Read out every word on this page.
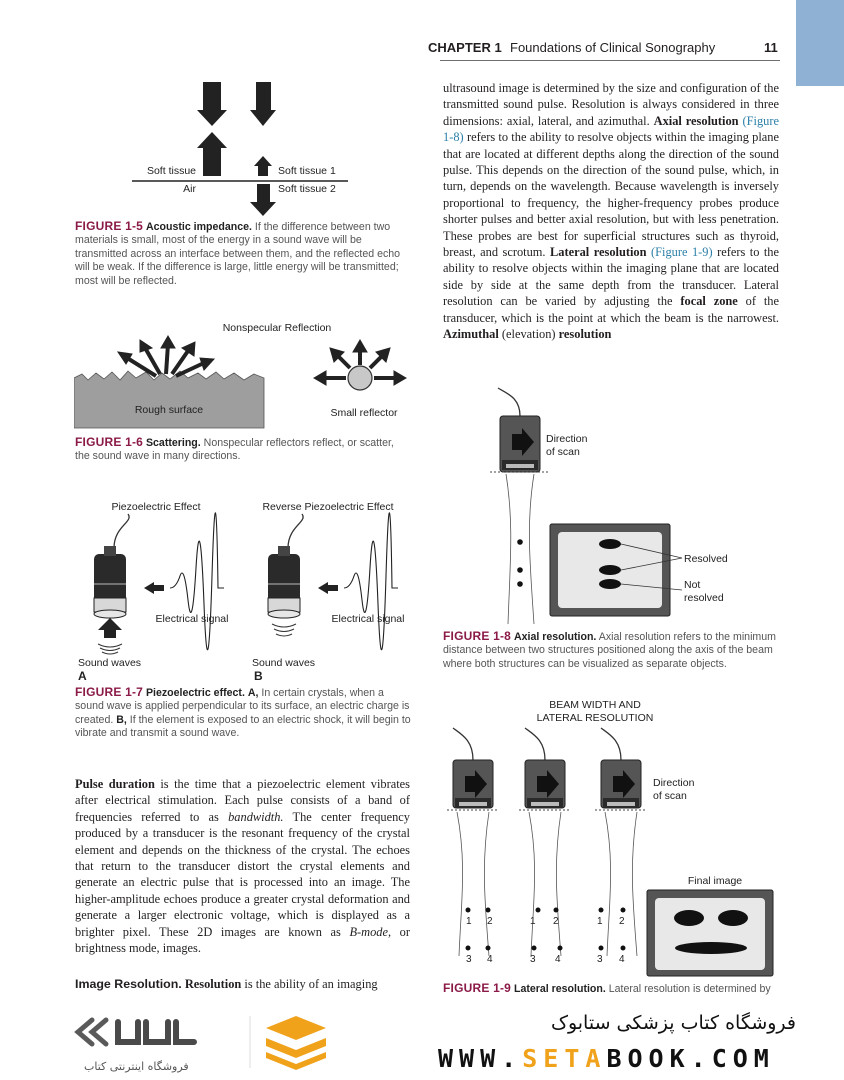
CHAPTER 1 Foundations of Clinical Sonography	11
Soft tissue
Air
Soft tissue 1
Soft tissue 2
FIGURE 1-5 Acoustic impedance. If the difference between two materials is small, most of the energy in a sound wave will be transmitted across an interface between them, and the reflected echo will be weak. If the difference is large, little energy will be transmitted; most will be reflected.
Nonspecular Reflection
Rough surface	Small reflector
FIGURE 1-6 Scattering. Nonspecular reflectors reflect, or scatter, the sound wave in many directions.
Piezoelectric Effect	Reverse Piezoelectric Effect
Electrical signal
Sound waves
A
Electrical signal
Sound waves
B
FIGURE 1-7 Piezoelectric effect. A, In certain crystals, when a sound wave is applied perpendicular to its surface, an electric charge is created. B, If the element is exposed to an electric shock, it will begin to vibrate and transmit a sound wave.
Pulse duration is the time that a piezoelectric element vibrates after electrical stimulation. Each pulse consists of a band of frequencies referred to as bandwidth. The center frequency produced by a transducer is the resonant frequency of the crystal element and depends on the thickness of the crystal. The echoes that return to the transducer distort the crystal elements and generate an electric pulse that is processed into an image. The higher-amplitude echoes produce a greater crystal deformation and generate a larger electronic voltage, which is displayed as a brighter pixel. These 2D images are known as B-mode, or brightness mode, images.
Image Resolution. Resolution is the ability of an imaging
ultrasound image is determined by the size and configuration of the transmitted sound pulse. Resolution is always considered in three dimensions: axial, lateral, and azimuthal. Axial resolution (Figure 1-8) refers to the ability to resolve objects within the imaging plane that are located at different depths along the direction of the sound pulse. This depends on the direction of the sound pulse, which, in turn, depends on the wavelength. Because wavelength is inversely proportional to frequency, the higher-frequency probes produce shorter pulses and better axial resolution, but with less penetration. These probes are best for superficial structures such as thyroid, breast, and scrotum. Lateral resolution (Figure 1-9) refers to the ability to resolve objects within the imaging plane that are located side by side at the same depth from the transducer. Lateral resolution can be varied by adjusting the focal zone of the transducer, which is the point at which the beam is the narrowest. Azimuthal (elevation) resolution
Direction
of scan
Resolved
Not
resolved
FIGURE 1-8 Axial resolution. Axial resolution refers to the minimum distance between two structures positioned along the axis of the beam where both structures can be visualized as separate objects.
BEAM WIDTH AND
LATERAL RESOLUTION
1 2
3 4
1 2
3 4
1 2
3 4
Direction
of scan
Final image
FIGURE 1-9 Lateral resolution. Lateral resolution is determined by
فروشگاه اینترنتی کتاب
فروشگاه کتاب پزشکی ستابوک
WWW.SETABOOK.COM
